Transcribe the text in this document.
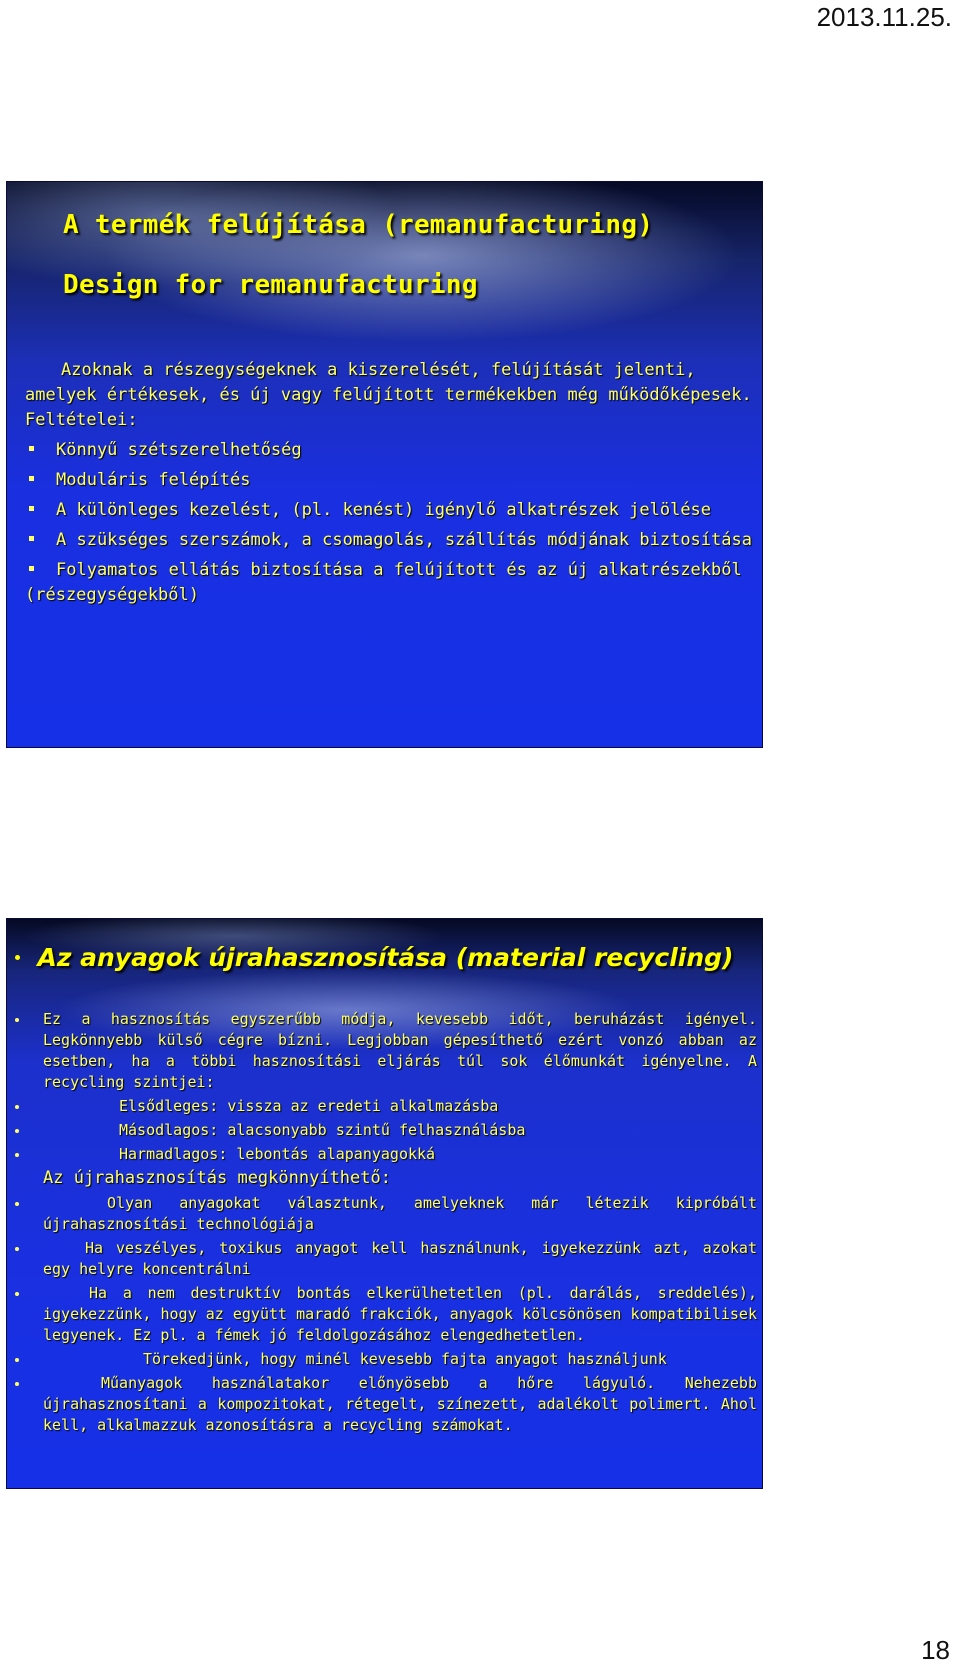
2013.11.25.
A termék felújítása (remanufacturing)
Design for remanufacturing

Azoknak a részegységeknek a kiszerelését, felújítását jelenti, amelyek értékesek, és új vagy felújított termékekben még működőképesek. Feltételei:

Könnyű szétszerelhetőség

Moduláris felépítés

A különleges kezelést, (pl. kenést) igénylő alkatrészek jelölése

A szükséges szerszámok, a csomagolás, szállítás módjának biztosítása

Folyamatos ellátás biztosítása a felújított és az új alkatrészekből (részegységekből)

Az anyagok újrahasznosítása (material recycling)

Ez a hasznosítás egyszerűbb módja, kevesebb időt, beruházást igényel. Legkönnyebb külső cégre bízni. Legjobban gépesíthető ezért vonzó abban az esetben, ha a többi hasznosítási eljárás túl sok élőmunkát igényelne. A recycling szintjei:

Elsődleges: vissza az eredeti alkalmazásba

Másodlagos: alacsonyabb szintű felhasználásba

Harmadlagos: lebontás alapanyagokká

Az újrahasznosítás megkönnyíthető:

Olyan anyagokat választunk, amelyeknek már létezik kipróbált újrahasznosítási technológiája

Ha veszélyes, toxikus anyagot kell használnunk, igyekezzünk azt, azokat egy helyre koncentrálni

Ha a nem destruktív bontás elkerülhetetlen (pl. darálás, sreddelés), igyekezzünk, hogy az együtt maradó frakciók, anyagok kölcsönösen kompatibilisek legyenek. Ez pl. a fémek jó feldolgozásához elengedhetetlen.

Törekedjünk, hogy minél kevesebb fajta anyagot használjunk

Műanyagok használatakor előnyösebb a hőre lágyuló. Nehezebb újrahasznosítani a kompozitokat, rétegelt, színezett, adalékolt polimert. Ahol kell, alkalmazzuk azonosításra a recycling számokat.

18
